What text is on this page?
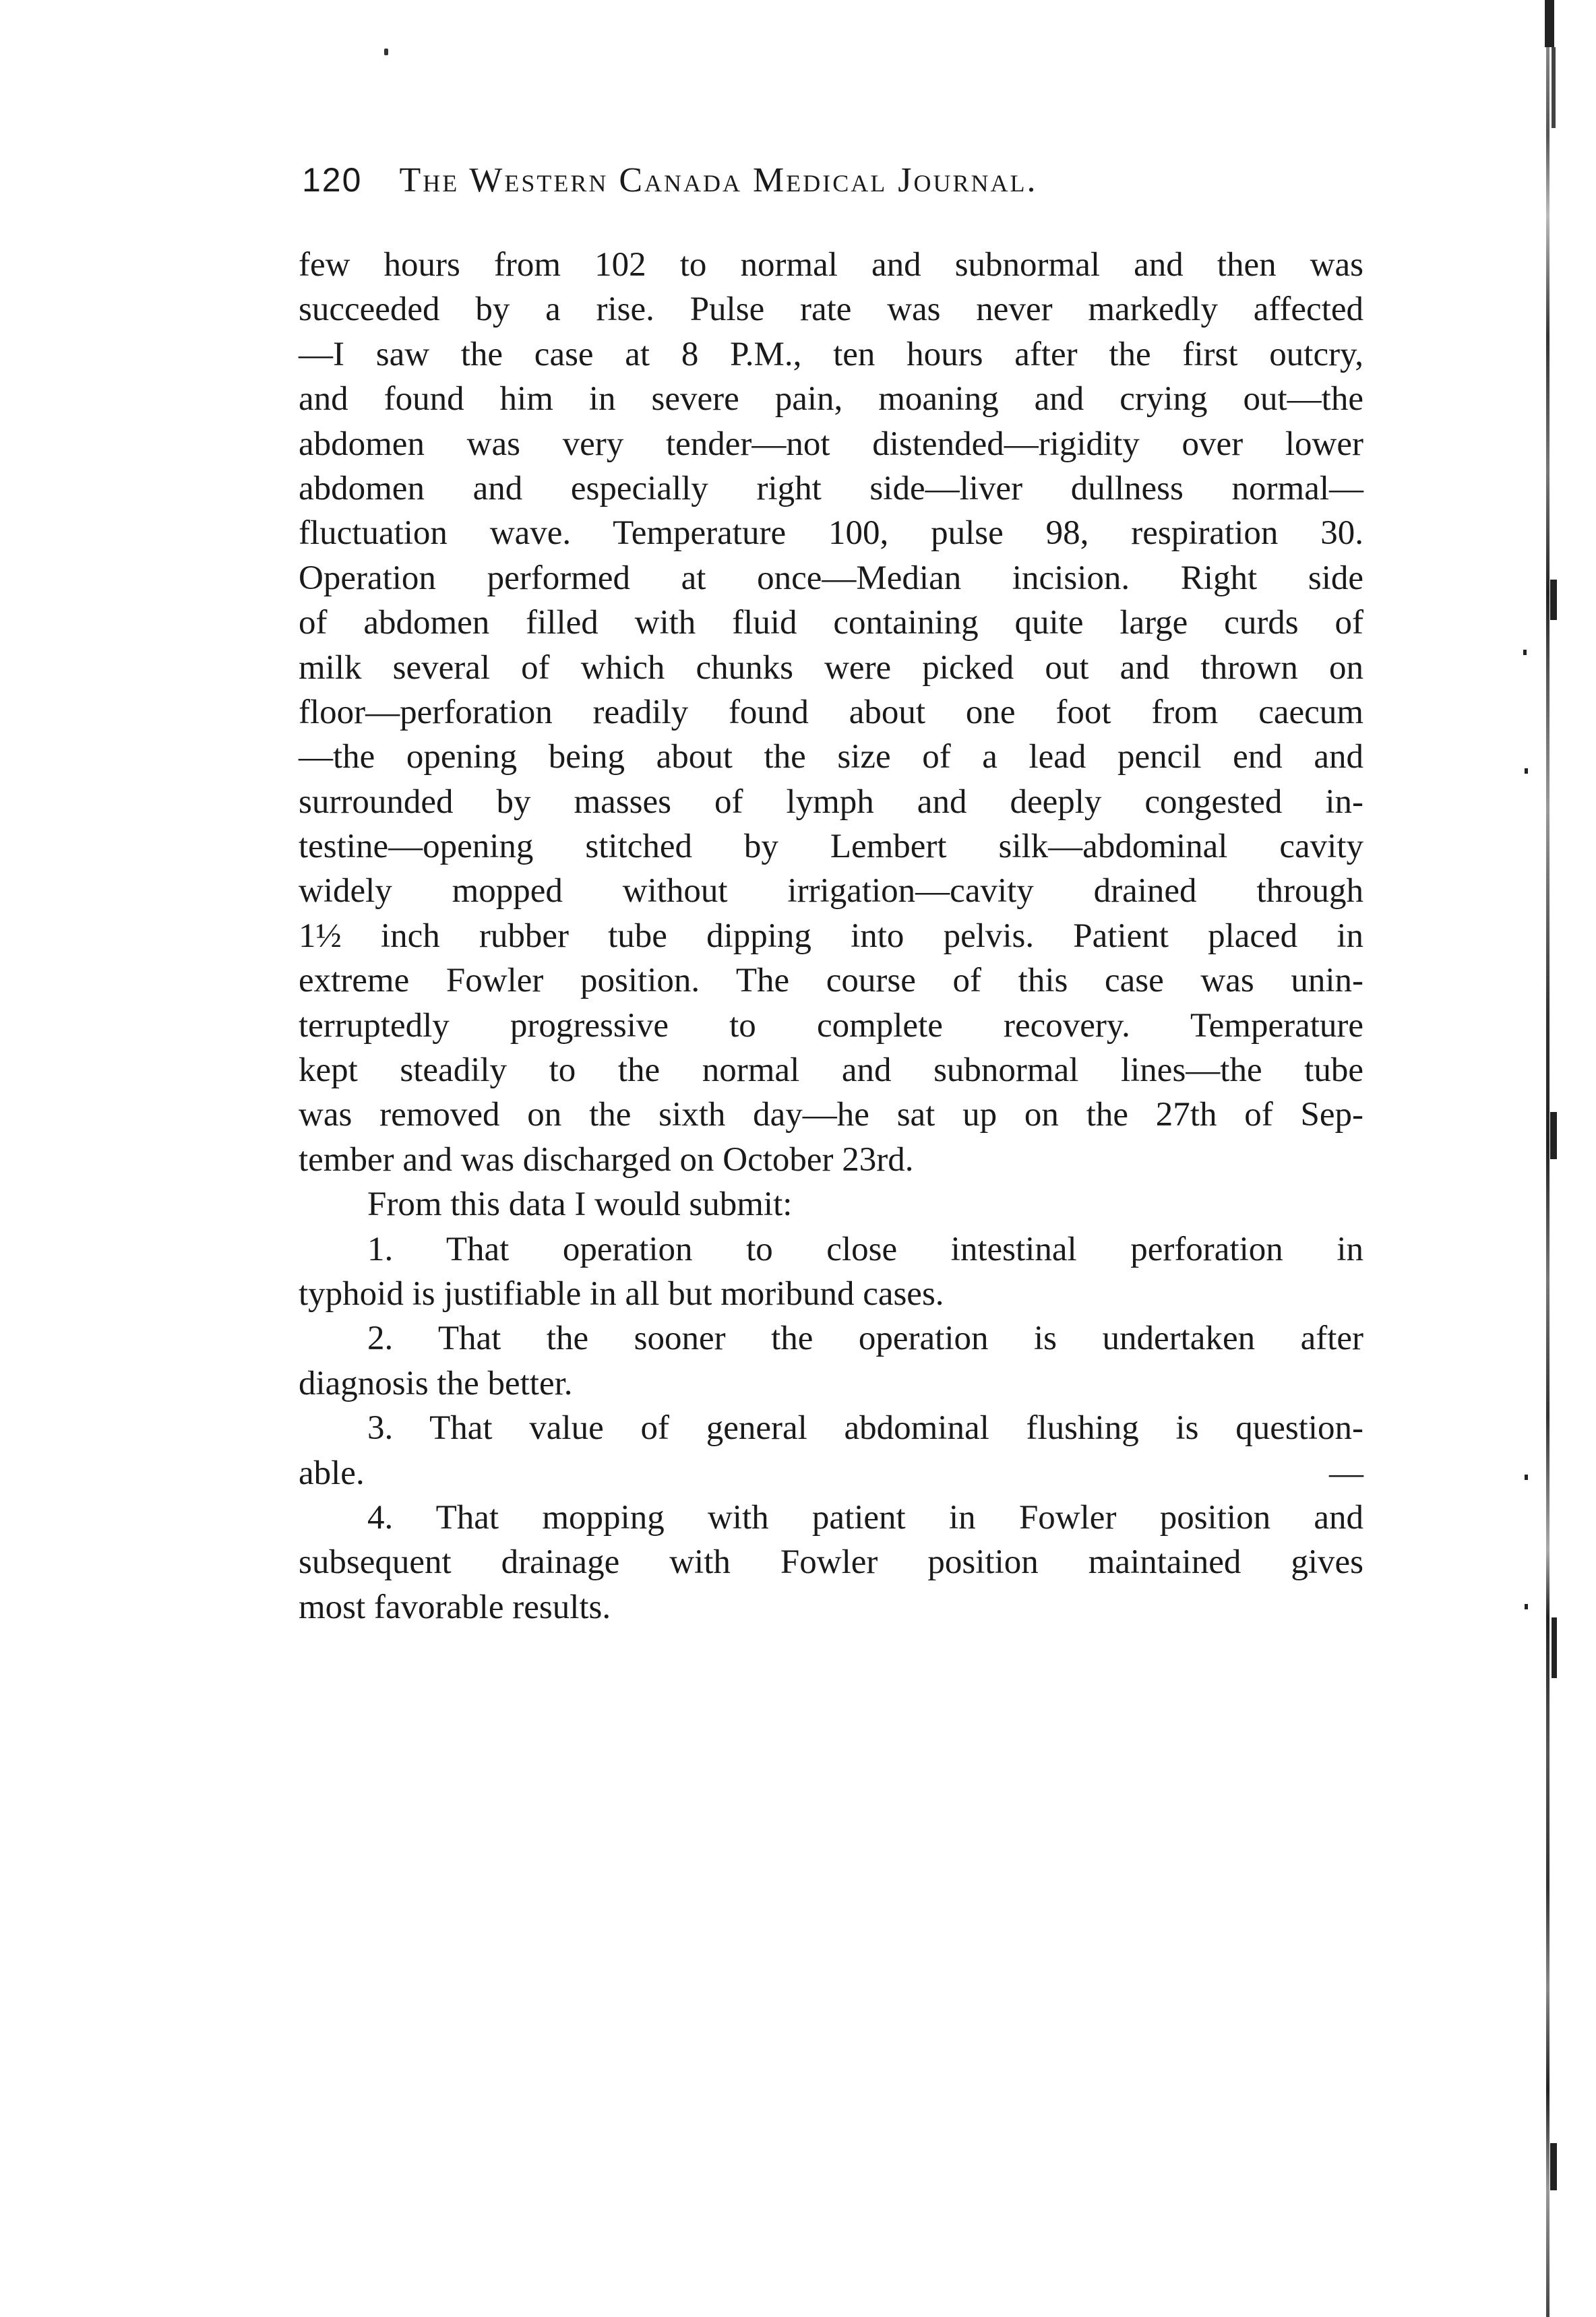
120 The Western Canada Medical Journal.
few hours from 102 to normal and subnormal and then was
succeeded by a rise. Pulse rate was never markedly affected
—I saw the case at 8 P.M., ten hours after the first outcry,
and found him in severe pain, moaning and crying out—the
abdomen was very tender—not distended—rigidity over lower
abdomen and especially right side—liver dullness normal—
fluctuation wave. Temperature 100, pulse 98, respiration 30.
Operation performed at once—Median incision. Right side
of abdomen filled with fluid containing quite large curds of
milk several of which chunks were picked out and thrown on
floor—perforation readily found about one foot from caecum
—the opening being about the size of a lead pencil end and
surrounded by masses of lymph and deeply congested in-
testine—opening stitched by Lembert silk—abdominal cavity
widely mopped without irrigation—cavity drained through
1½ inch rubber tube dipping into pelvis. Patient placed in
extreme Fowler position. The course of this case was unin-
terruptedly progressive to complete recovery. Temperature
kept steadily to the normal and subnormal lines—the tube
was removed on the sixth day—he sat up on the 27th of Sep-
tember and was discharged on October 23rd.
From this data I would submit:
1. That operation to close intestinal perforation in
typhoid is justifiable in all but moribund cases.
2. That the sooner the operation is undertaken after
diagnosis the better.
3. That value of general abdominal flushing is question-
able.	—
4. That mopping with patient in Fowler position and
subsequent drainage with Fowler position maintained gives
most favorable results.
